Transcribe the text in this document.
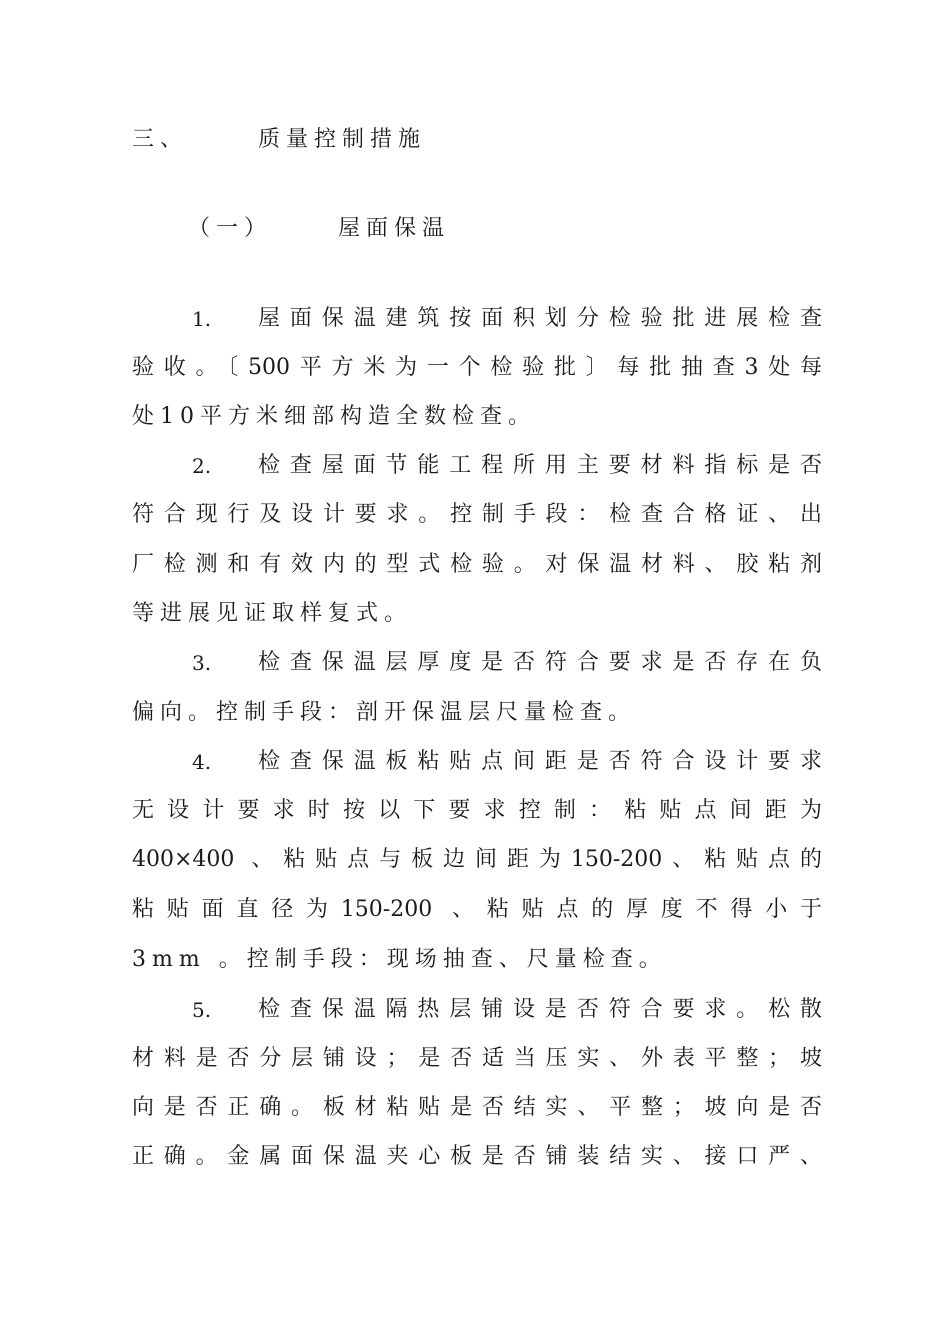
三、	质量控制措施
（一）	屋面保温
1. 屋面保温建筑按面积划分检验批进展检查
验收。〔500平方米为一个检验批〕每批抽查3处每
处10平方米细部构造全数检查。
2. 检查屋面节能工程所用主要材料指标是否
符合现行及设计要求。控制手段：检查合格证、出
厂检测和有效内的型式检验。对保温材料、胶粘剂
等进展见证取样复式。
3. 检查保温层厚度是否符合要求是否存在负
偏向。控制手段：剖开保温层尺量检查。
4. 检查保温板粘贴点间距是否符合设计要求
无设计要求时按以下要求控制：粘贴点间距为
400×400 、粘贴点与板边间距为150-200、粘贴点的
粘贴面直径为150-200 、粘贴点的厚度不得小于
3mm 。控制手段：现场抽查、尺量检查。
5. 检查保温隔热层铺设是否符合要求。松散
材料是否分层铺设；是否适当压实、外表平整；坡
向是否正确。板材粘贴是否结实、平整；坡向是否
正确。金属面保温夹心板是否铺装结实、接口严、
